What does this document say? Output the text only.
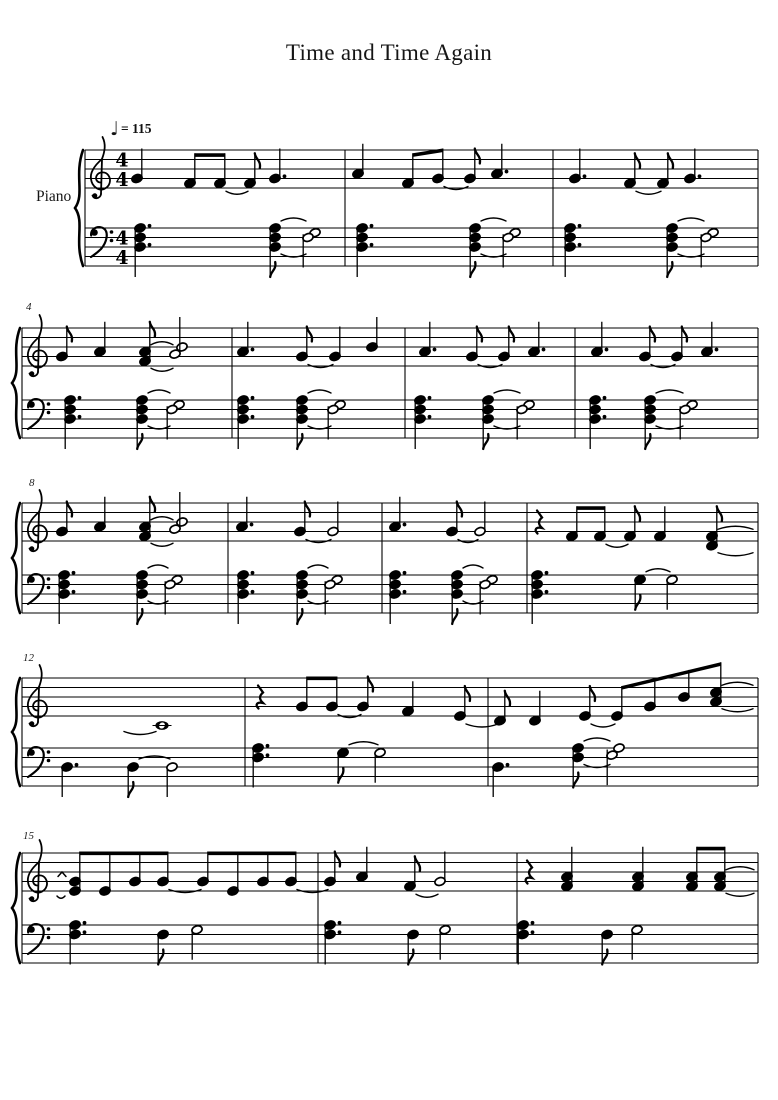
4
4
4
4
Time and Time Again
♩ = 115
Piano
4
8
12
15
